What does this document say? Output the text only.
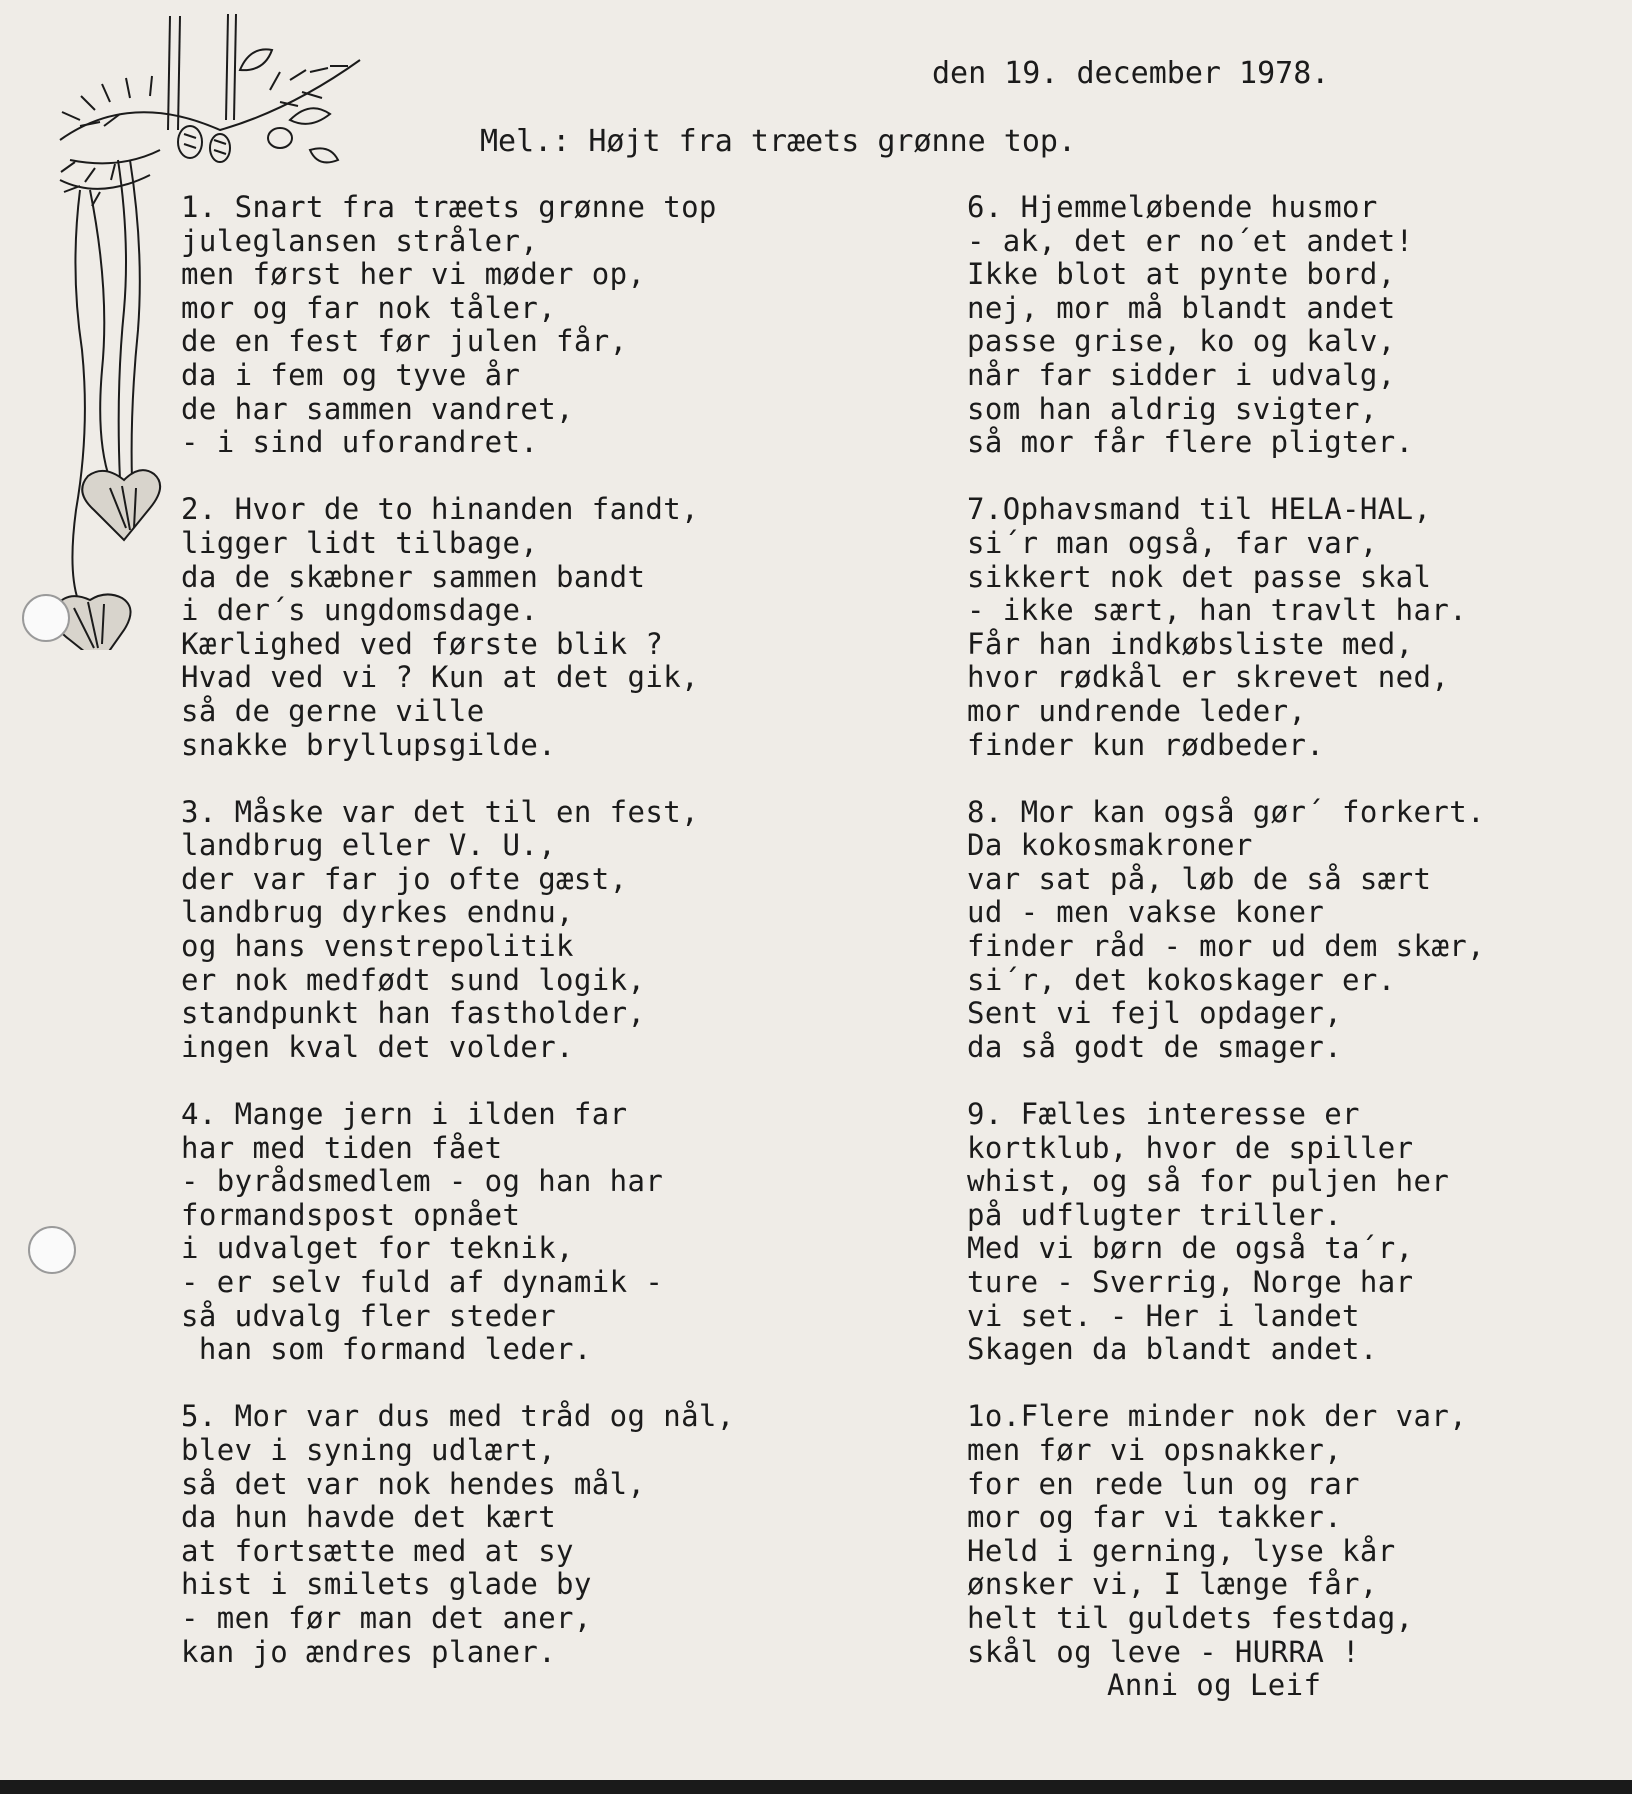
den 19. december 1978.
Mel.: Højt fra træets grønne top.
1. Snart fra træets grønne top
juleglansen stråler,
men først her vi møder op,
mor og far nok tåler,
de en fest før julen får,
da i fem og tyve år
de har sammen vandret,
- i sind uforandret.
2. Hvor de to hinanden fandt,
ligger lidt tilbage,
da de skæbner sammen bandt
i der´s ungdomsdage.
Kærlighed ved første blik ?
Hvad ved vi ? Kun at det gik,
så de gerne ville
snakke bryllupsgilde.
3. Måske var det til en fest,
landbrug eller V. U.,
der var far jo ofte gæst,
landbrug dyrkes endnu,
og hans venstrepolitik
er nok medfødt sund logik,
standpunkt han fastholder,
ingen kval det volder.
4. Mange jern i ilden far
har med tiden fået
- byrådsmedlem - og han har
formandspost opnået
i udvalget for teknik,
- er selv fuld af dynamik -
så udvalg fler steder
han som formand leder.
5. Mor var dus med tråd og nål,
blev i syning udlært,
så det var nok hendes mål,
da hun havde det kært
at fortsætte med at sy
hist i smilets glade by
- men før man det aner,
kan jo ændres planer.
6. Hjemmeløbende husmor
- ak, det er no´et andet!
Ikke blot at pynte bord,
nej, mor må blandt andet
passe grise, ko og kalv,
når far sidder i udvalg,
som han aldrig svigter,
så mor får flere pligter.
7.Ophavsmand til HELA-HAL,
si´r man også, far var,
sikkert nok det passe skal
- ikke sært, han travlt har.
Får han indkøbsliste med,
hvor rødkål er skrevet ned,
mor undrende leder,
finder kun rødbeder.
8. Mor kan også gør´ forkert.
Da kokosmakroner
var sat på, løb de så sært
ud - men vakse koner
finder råd - mor ud dem skær,
si´r, det kokoskager er.
Sent vi fejl opdager,
da så godt de smager.
9. Fælles interesse er
kortklub, hvor de spiller
whist, og så for puljen her
på udflugter triller.
Med vi børn de også ta´r,
ture - Sverrig, Norge har
vi set. - Her i landet
Skagen da blandt andet.
1o.Flere minder nok der var,
men før vi opsnakker,
for en rede lun og rar
mor og far vi takker.
Held i gerning, lyse kår
ønsker vi, I længe får,
helt til guldets festdag,
skål og leve - HURRA !
Anni og Leif
